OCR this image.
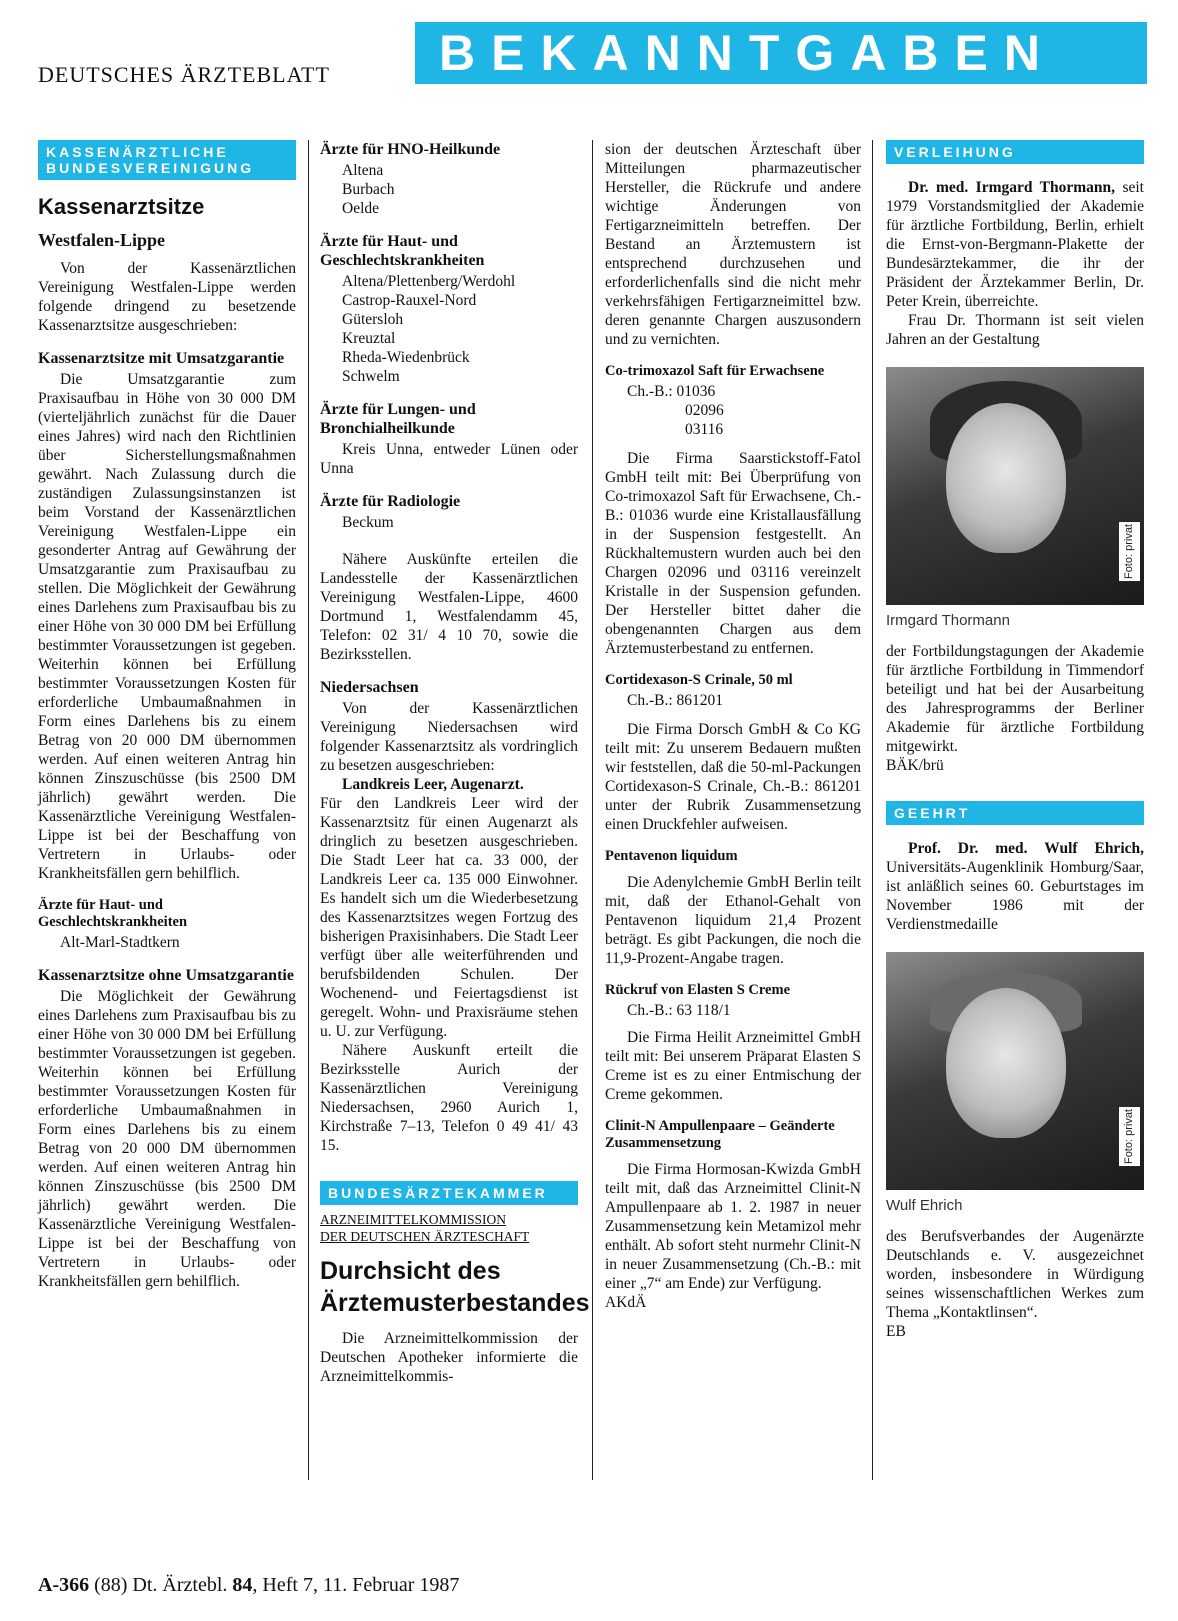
DEUTSCHES ÄRZTEBLATT	BEKANNTGABEN
KASSENÄRZTLICHE BUNDESVEREINIGUNG
Kassenarztsitze
Westfalen-Lippe

Von der Kassenärztlichen Vereinigung Westfalen-Lippe werden folgende dringend zu besetzende Kassenarztsitze ausgeschrieben:

Kassenarztsitze mit Umsatzgarantie

Die Umsatzgarantie zum Praxisaufbau in Höhe von 30 000 DM (vierteljährlich zunächst für die Dauer eines Jahres) wird nach den Richtlinien über Sicherstellungsmaßnahmen gewährt. Nach Zulassung durch die zuständigen Zulassungsinstanzen ist beim Vorstand der Kassenärztlichen Vereinigung Westfalen-Lippe ein gesonderter Antrag auf Gewährung der Umsatzgarantie zum Praxisaufbau zu stellen. Die Möglichkeit der Gewährung eines Darlehens zum Praxisaufbau bis zu einer Höhe von 30 000 DM bei Erfüllung bestimmter Voraussetzungen ist gegeben. Weiterhin können bei Erfüllung bestimmter Voraussetzungen Kosten für erforderliche Umbaumaßnahmen in Form eines Darlehens bis zu einem Betrag von 20 000 DM übernommen werden. Auf einen weiteren Antrag hin können Zinszuschüsse (bis 2500 DM jährlich) gewährt werden. Die Kassenärztliche Vereinigung Westfalen-Lippe ist bei der Beschaffung von Vertretern in Urlaubs- oder Krankheitsfällen gern behilflich.

Ärzte für Haut- und Geschlechtskrankheiten
Alt-Marl-Stadtkern
Kassenarztsitze ohne Umsatzgarantie

Die Möglichkeit der Gewährung eines Darlehens zum Praxisaufbau bis zu einer Höhe von 30 000 DM bei Erfüllung bestimmter Voraussetzungen ist gegeben. Weiterhin können bei Erfüllung bestimmter Voraussetzungen Kosten für erforderliche Umbaumaßnahmen in Form eines Darlehens bis zu einem Betrag von 20 000 DM übernommen werden. Auf einen weiteren Antrag hin können Zinszuschüsse (bis 2500 DM jährlich) gewährt werden. Die Kassenärztliche Vereinigung Westfalen-Lippe ist bei der Beschaffung von Vertretern in Urlaubs- oder Krankheitsfällen gern behilflich.

Ärzte für HNO-Heilkunde
Altena
Burbach
Oelde
Ärzte für Haut- und Geschlechtskrankheiten
Altena/Plettenberg/Werdohl
Castrop-Rauxel-Nord
Gütersloh
Kreuztal
Rheda-Wiedenbrück
Schwelm
Ärzte für Lungen- und Bronchialheilkunde

Kreis Unna, entweder Lünen oder Unna

Ärzte für Radiologie
Beckum

Nähere Auskünfte erteilen die Landesstelle der Kassenärztlichen Vereinigung Westfalen-Lippe, 4600 Dortmund 1, Westfalendamm 45, Telefon: 02 31/ 4 10 70, sowie die Bezirksstellen.

Niedersachsen

Von der Kassenärztlichen Vereinigung Niedersachsen wird folgender Kassenarztsitz als vordringlich zu besetzen ausgeschrieben:

Landkreis Leer, Augenarzt.

Für den Landkreis Leer wird der Kassenarztsitz für einen Augenarzt als dringlich zu besetzen ausgeschrieben. Die Stadt Leer hat ca. 33 000, der Landkreis Leer ca. 135 000 Einwohner. Es handelt sich um die Wiederbesetzung des Kassenarztsitzes wegen Fortzug des bisherigen Praxisinhabers. Die Stadt Leer verfügt über alle weiterführenden und berufsbildenden Schulen. Der Wochenend- und Feiertagsdienst ist geregelt. Wohn- und Praxisräume stehen u. U. zur Verfügung.

Nähere Auskunft erteilt die Bezirksstelle Aurich der Kassenärztlichen Vereinigung Niedersachsen, 2960 Aurich 1, Kirchstraße 7–13, Telefon 0 49 41/ 43 15.

BUNDESÄRZTEKAMMER
ARZNEIMITTELKOMMISSION
DER DEUTSCHEN ÄRZTESCHAFT
Durchsicht des Ärztemusterbestandes

Die Arzneimittelkommission der Deutschen Apotheker informierte die Arzneimittelkommis-

sion der deutschen Ärzteschaft über Mitteilungen pharmazeutischer Hersteller, die Rückrufe und andere wichtige Änderungen von Fertigarzneimitteln betreffen. Der Bestand an Ärztemustern ist entsprechend durchzusehen und erforderlichenfalls sind die nicht mehr verkehrsfähigen Fertigarzneimittel bzw. deren genannte Chargen auszusondern und zu vernichten.

Co-trimoxazol Saft für Erwachsene
Ch.-B.: 01036
02096
03116

Die Firma Saarstickstoff-Fatol GmbH teilt mit: Bei Überprüfung von Co-trimoxazol Saft für Erwachsene, Ch.-B.: 01036 wurde eine Kristallausfällung in der Suspension festgestellt. An Rückhaltemustern wurden auch bei den Chargen 02096 und 03116 vereinzelt Kristalle in der Suspension gefunden. Der Hersteller bittet daher die obengenannten Chargen aus dem Ärztemusterbestand zu entfernen.

Cortidexason-S Crinale, 50 ml
Ch.-B.: 861201

Die Firma Dorsch GmbH & Co KG teilt mit: Zu unserem Bedauern mußten wir feststellen, daß die 50-ml-Packungen Cortidexason-S Crinale, Ch.-B.: 861201 unter der Rubrik Zusammensetzung einen Druckfehler aufweisen.

Pentavenon liquidum

Die Adenylchemie GmbH Berlin teilt mit, daß der Ethanol-Gehalt von Pentavenon liquidum 21,4 Prozent beträgt. Es gibt Packungen, die noch die 11,9-Prozent-Angabe tragen.

Rückruf von Elasten S Creme
Ch.-B.: 63 118/1

Die Firma Heilit Arzneimittel GmbH teilt mit: Bei unserem Präparat Elasten S Creme ist es zu einer Entmischung der Creme gekommen.

Clinit-N Ampullenpaare – Geänderte Zusammensetzung

Die Firma Hormosan-Kwizda GmbH teilt mit, daß das Arzneimittel Clinit-N Ampullenpaare ab 1. 2. 1987 in neuer Zusammensetzung kein Metamizol mehr enthält. Ab sofort steht nurmehr Clinit-N in neuer Zusammensetzung (Ch.-B.: mit einer „7“ am Ende) zur Verfügung.

AKdÄ

VERLEIHUNG

Dr. med. Irmgard Thormann, seit 1979 Vorstandsmitglied der Akademie für ärztliche Fortbildung, Berlin, erhielt die Ernst-von-Bergmann-Plakette der Bundesärztekammer, die ihr der Präsident der Ärztekammer Berlin, Dr. Peter Krein, überreichte.

Frau Dr. Thormann ist seit vielen Jahren an der Gestaltung

Foto: privat
Irmgard Thormann

der Fortbildungstagungen der Akademie für ärztliche Fortbildung in Timmendorf beteiligt und hat bei der Ausarbeitung des Jahresprogramms der Berliner Akademie für ärztliche Fortbildung mitgewirkt.

BÄK/brü

GEEHRT

Prof. Dr. med. Wulf Ehrich, Universitäts-Augenklinik Homburg/Saar, ist anläßlich seines 60. Geburtstages im November 1986 mit der Verdienstmedaille

Foto: privat
Wulf Ehrich

des Berufsverbandes der Augenärzte Deutschlands e. V. ausgezeichnet worden, insbesondere in Würdigung seines wissenschaftlichen Werkes zum Thema „Kontaktlinsen“.

EB

A-366 (88) Dt. Ärztebl. 84, Heft 7, 11. Februar 1987
